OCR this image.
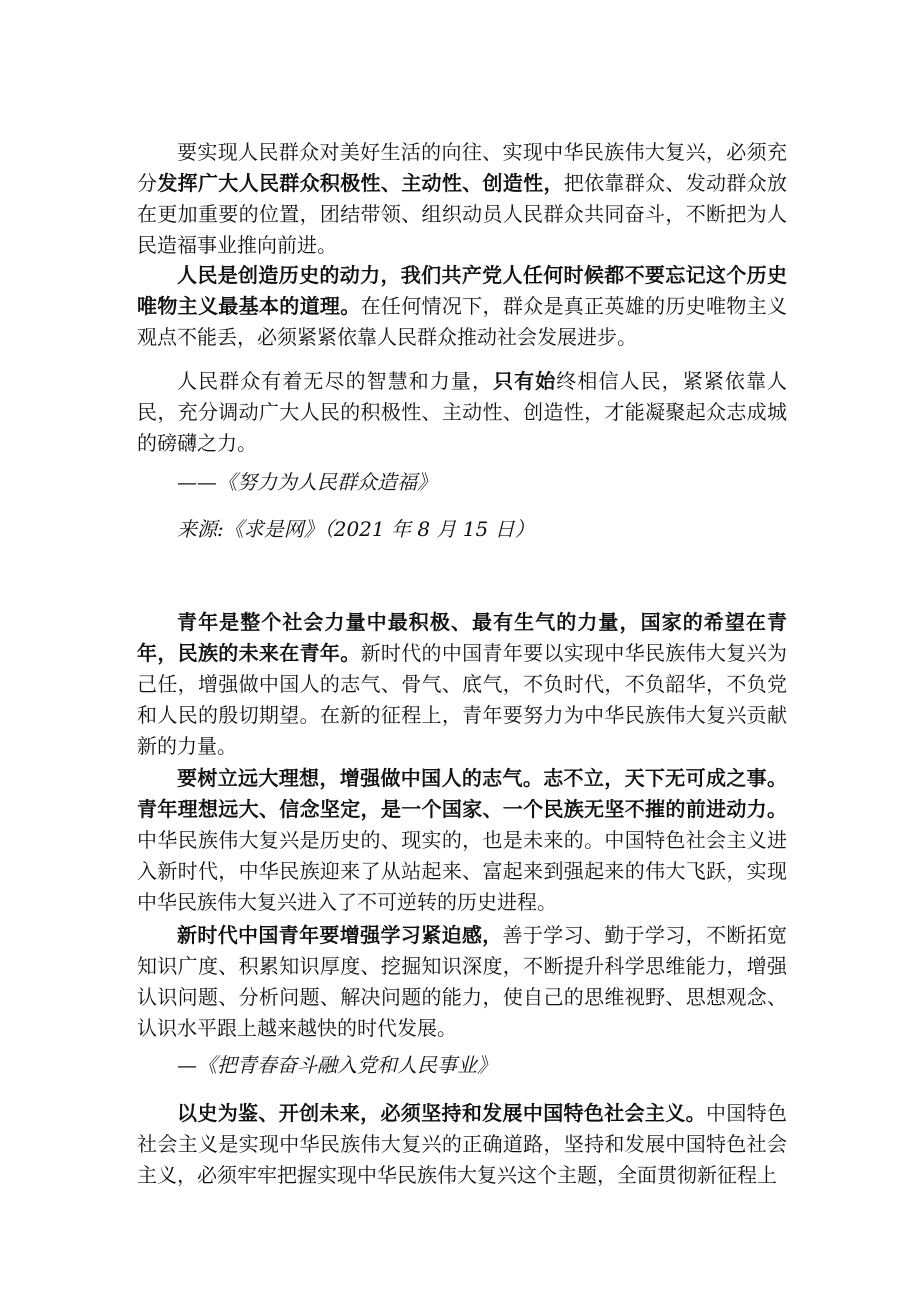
要实现人民群众对美好生活的向往、实现中华民族伟大复兴，必须充分发挥广大人民群众积极性、主动性、创造性，把依靠群众、发动群众放在更加重要的位置，团结带领、组织动员人民群众共同奋斗，不断把为人民造福事业推向前进。

人民是创造历史的动力，我们共产党人任何时候都不要忘记这个历史唯物主义最基本的道理。在任何情况下，群众是真正英雄的历史唯物主义观点不能丢，必须紧紧依靠人民群众推动社会发展进步。

人民群众有着无尽的智慧和力量，只有始终相信人民，紧紧依靠人民，充分调动广大人民的积极性、主动性、创造性，才能凝聚起众志成城的磅礴之力。

——《努力为人民群众造福》

来源:《求是网》（2021 年 8 月 15 日）

青年是整个社会力量中最积极、最有生气的力量，国家的希望在青年，民族的未来在青年。新时代的中国青年要以实现中华民族伟大复兴为己任，增强做中国人的志气、骨气、底气，不负时代，不负韶华，不负党和人民的殷切期望。在新的征程上，青年要努力为中华民族伟大复兴贡献新的力量。

要树立远大理想，增强做中国人的志气。志不立，天下无可成之事。青年理想远大、信念坚定，是一个国家、一个民族无坚不摧的前进动力。中华民族伟大复兴是历史的、现实的，也是未来的。中国特色社会主义进入新时代，中华民族迎来了从站起来、富起来到强起来的伟大飞跃，实现中华民族伟大复兴进入了不可逆转的历史进程。

新时代中国青年要增强学习紧迫感，善于学习、勤于学习，不断拓宽知识广度、积累知识厚度、挖掘知识深度，不断提升科学思维能力，增强认识问题、分析问题、解决问题的能力，使自己的思维视野、思想观念、认识水平跟上越来越快的时代发展。

—《把青春奋斗融入党和人民事业》

以史为鉴、开创未来，必须坚持和发展中国特色社会主义。中国特色社会主义是实现中华民族伟大复兴的正确道路，坚持和发展中国特色社会主义，必须牢牢把握实现中华民族伟大复兴这个主题，全面贯彻新征程上
